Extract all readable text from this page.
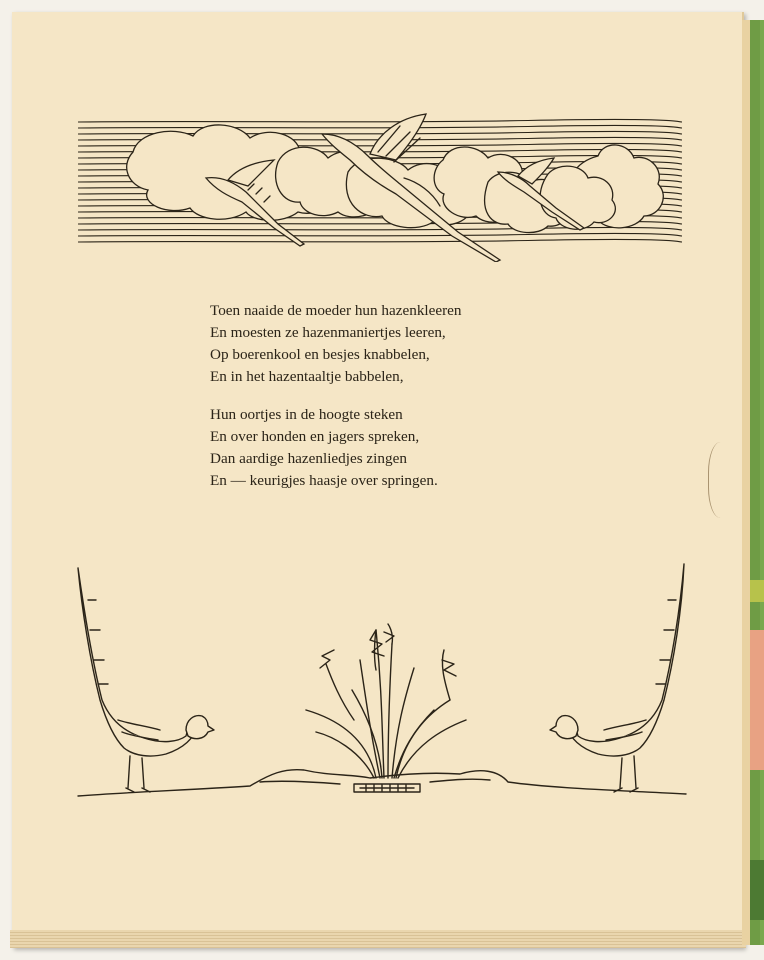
Toen naaide de moeder hun hazenkleeren
En moesten ze hazenmaniertjes leeren,
Op boerenkool en besjes knabbelen,
En in het hazentaaltje babbelen,
Hun oortjes in de hoogte steken
En over honden en jagers spreken,
Dan aardige hazenliedjes zingen
En — keurigjes haasje over springen.
